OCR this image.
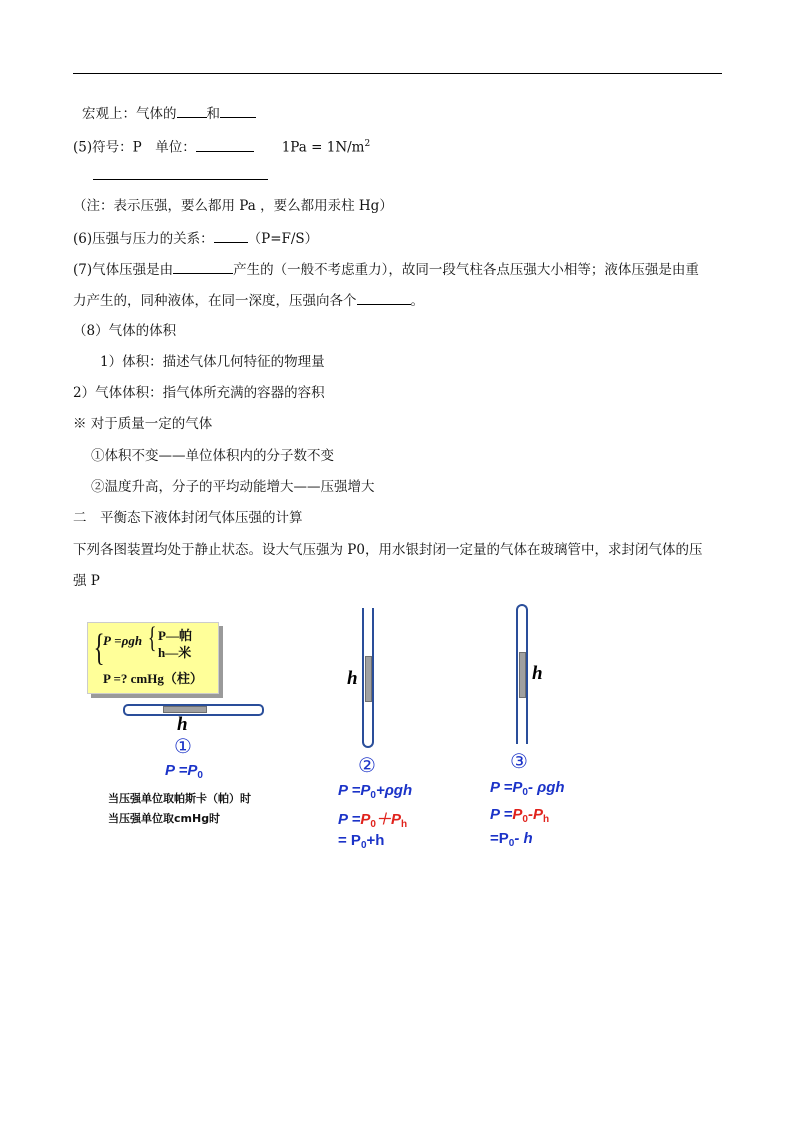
宏观上：气体的 和
(5)符号：P　单位：	$1Pa = 1N/m^2$
（注：表示压强，要么都用 Pa ，要么都用汞柱 Hg）
(6)压强与压力的关系：	（P=F/S）
(7)气体压强是由	产生的（一般不考虑重力），故同一段气柱各点压强大小相等；液体压强是由重
力产生的，同种液体，在同一深度，压强向各个	。
（8）气体的体积
1）体积：描述气体几何特征的物理量
2）气体体积：指气体所充满的容器的容积
※ 对于质量一定的气体
①体积不变——单位体积内的分子数不变
②温度升高，分子的平均动能增大——压强增大
二　平衡态下液体封闭气体压强的计算
下列各图装置均处于静止状态。设大气压强为 P0，用水银封闭一定量的气体在玻璃管中，求封闭气体的压
强 P
{
P =ρgh { P—帕
h—米
P =? cmHg（柱）
h
①
$P =P_0$
当压强单位取帕斯卡（帕）时
当压强单位取cmHg时
h
②
$P =P_0+\rho gh$
$P =P_0+P_h$
= $P_0+h$
h
③
$P =P_0-$ ρgh
$P =P_0-P_h$
$=P_0-$ h
